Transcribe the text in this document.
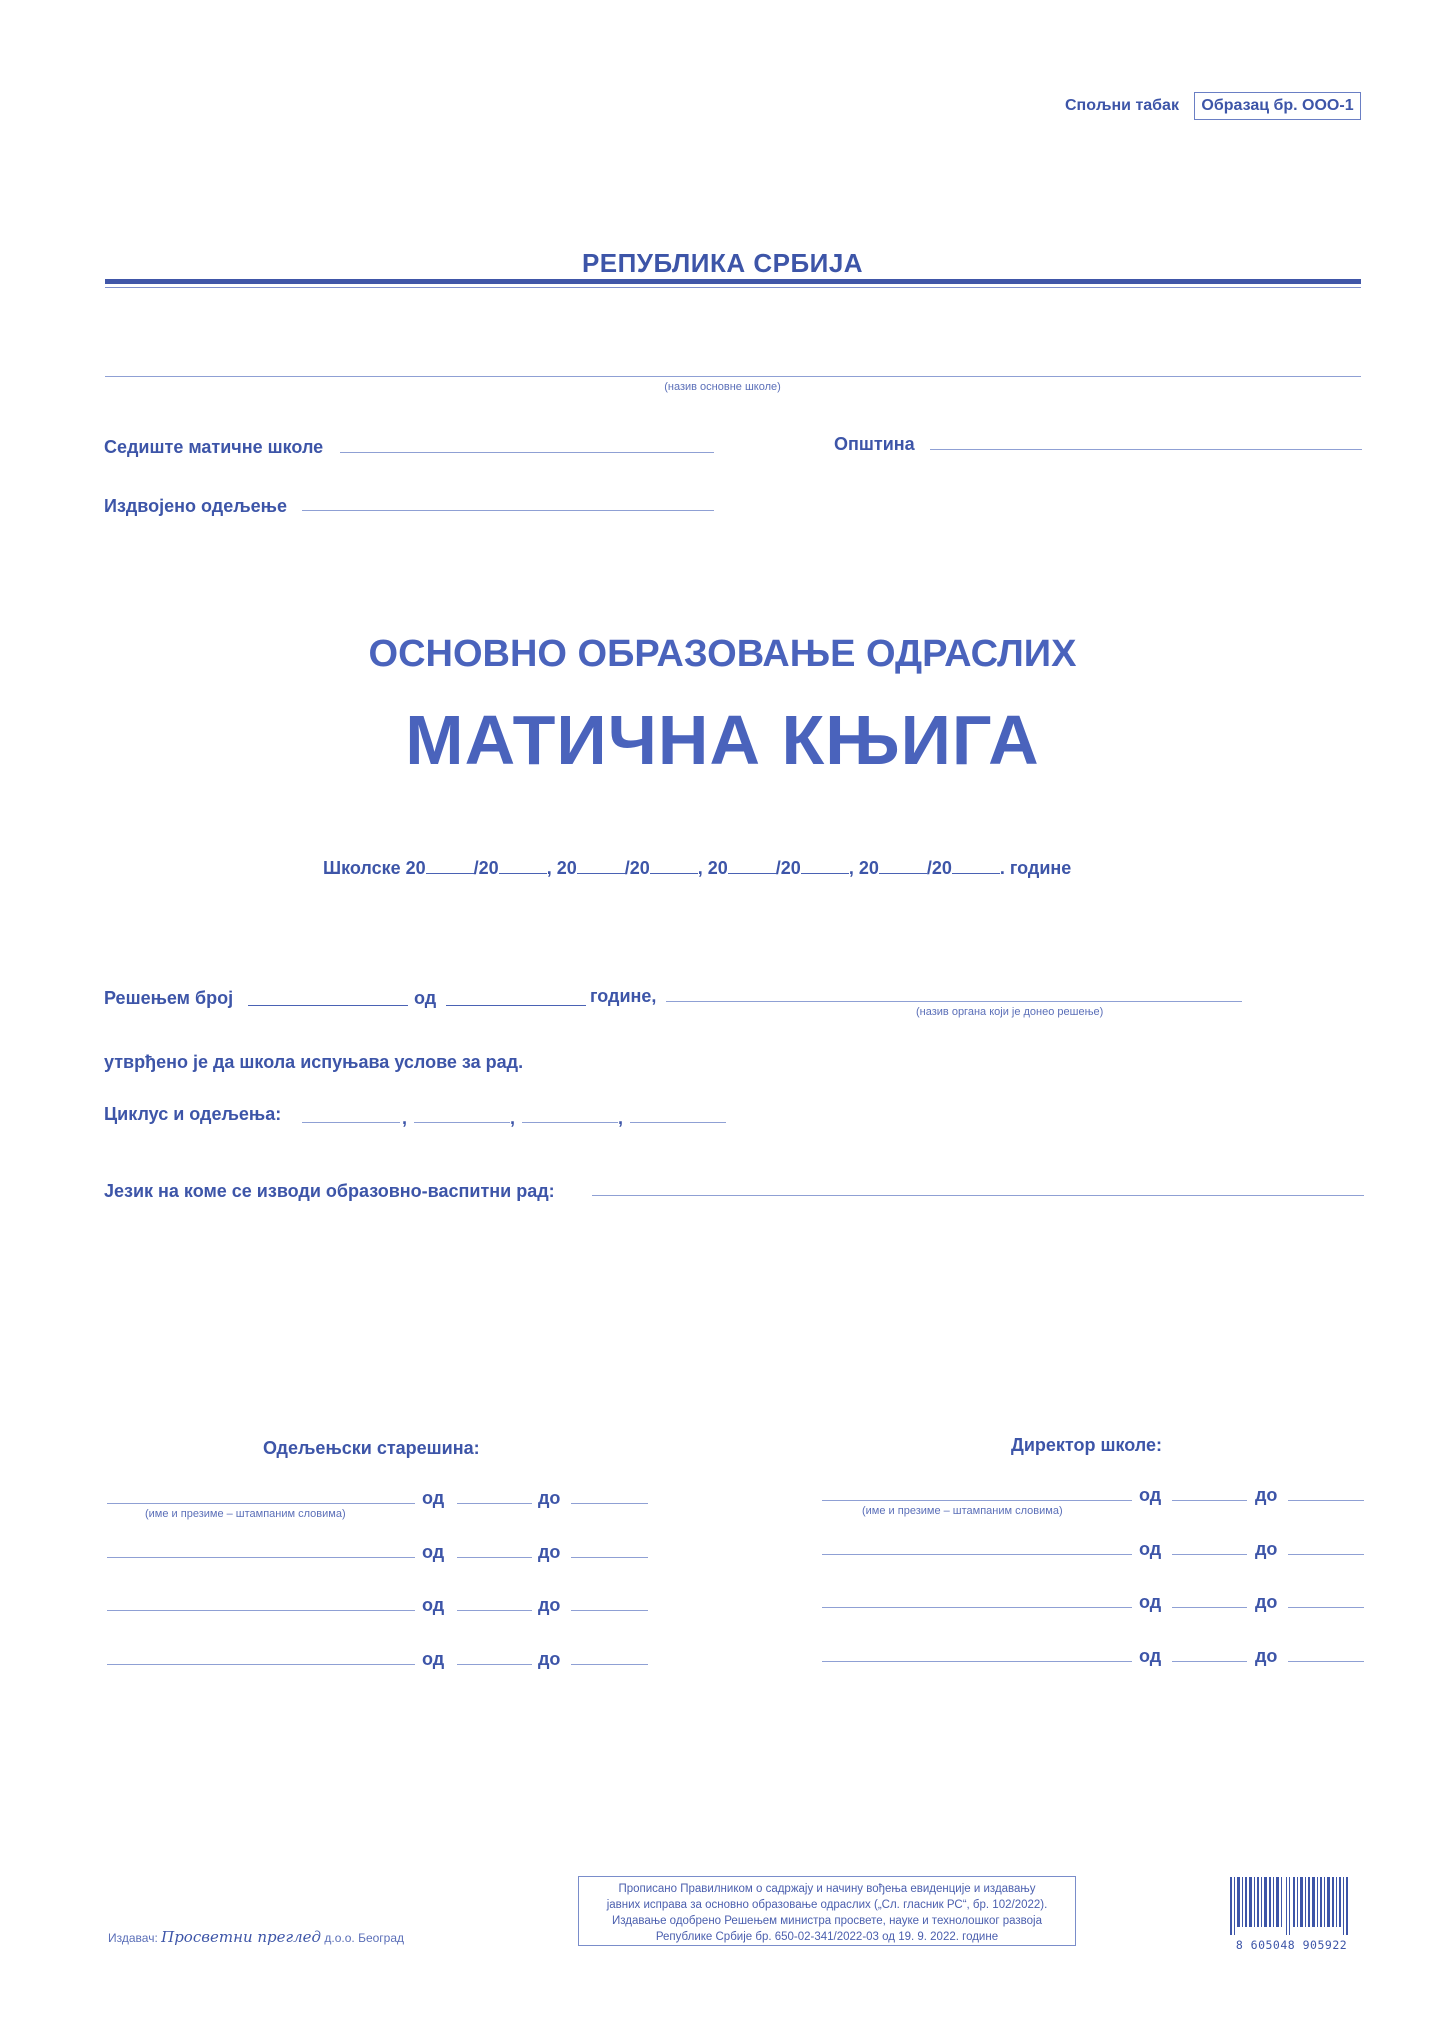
Спољни табак	Образац бр. ООО-1
РЕПУБЛИКА СРБИЈА
(назив основне школе)
Седиште матичне школе	Општина
Издвојено одељење
ОСНОВНО ОБРАЗОВАЊЕ ОДРАСЛИХ
МАТИЧНА КЊИГА
Школске 20	/20	, 20	/20	, 20	/20	, 20	/20	. године
Решењем број	од	године,
(назив органа који је донео решење)
утврђено је да школа испуњава услове за рад.
Циклус и одељења:	,	,	,
Језик на коме се изводи образовно-васпитни рад:
Одељењски старешина:	Директор школе:
(име и презиме – штампаним словима)
од	до
од	до
од	до
од	до
(име и презиме – штампаним словима)
од	до
од	до
од	до
од	до
Издавач: Просветни преглед д.о.о. Београд
Прописано Правилником о садржају и начину вођења евиденције и издавању
јавних исправа за основно образовање одраслих („Сл. гласник РС“, бр. 102/2022).
Издавање одобрено Решењем министра просвете, науке и технолошког развоја
Републике Србије бр. 650-02-341/2022-03 од 19. 9. 2022. године
8 605048 905922
